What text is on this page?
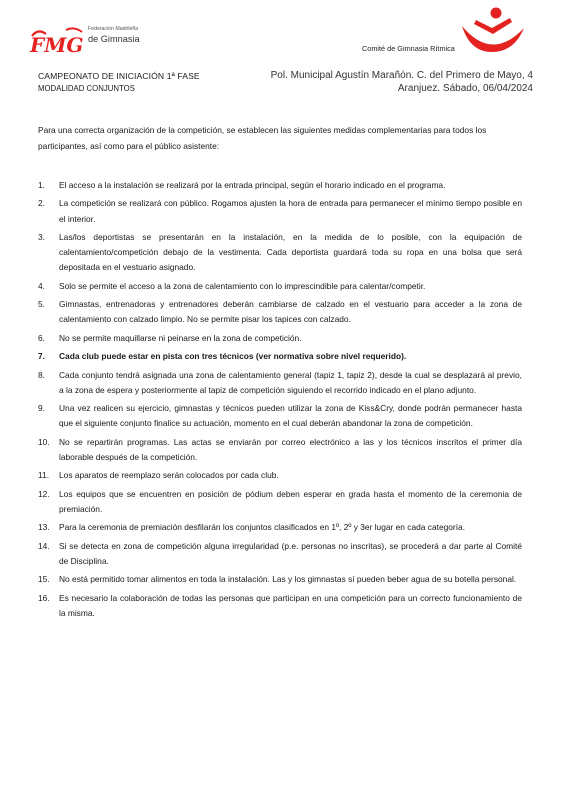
FMG
Federación Madrileña
de Gimnasia
Comité de Gimnasia Rítmica
CAMPEONATO DE INICIACIÓN 1ª FASE
MODALIDAD CONJUNTOS
Pol. Municipal Agustín Marañón. C. del Primero de Mayo, 4
Aranjuez. Sábado, 06/04/2024
Para una correcta organización de la competición, se establecen las siguientes medidas complementarias para todos los participantes, así como para el público asistente:
1. El acceso a la instalación se realizará por la entrada principal, según el horario indicado en el programa.
2. La competición se realizará con público. Rogamos ajusten la hora de entrada para permanecer el mínimo tiempo posible en el interior.
3. Las/los deportistas se presentarán en la instalación, en la medida de lo posible, con la equipación de calentamiento/competición debajo de la vestimenta. Cada deportista guardará toda su ropa en una bolsa que será depositada en el vestuario asignado.
4. Solo se permite el acceso a la zona de calentamiento con lo imprescindible para calentar/competir.
5. Gimnastas, entrenadoras y entrenadores deberán cambiarse de calzado en el vestuario para acceder a la zona de calentamiento con calzado limpio. No se permite pisar los tapices con calzado.
6. No se permite maquillarse ni peinarse en la zona de competición.
7. Cada club puede estar en pista con tres técnicos (ver normativa sobre nivel requerido).
8. Cada conjunto tendrá asignada una zona de calentamiento general (tapiz 1, tapiz 2), desde la cual se desplazará al previo, a la zona de espera y posteriormente al tapiz de competición siguiendo el recorrido indicado en el plano adjunto.
9. Una vez realicen su ejercicio, gimnastas y técnicos pueden utilizar la zona de Kiss&Cry, donde podrán permanecer hasta que el siguiente conjunto finalice su actuación, momento en el cual deberán abandonar la zona de competición.
10. No se repartirán programas. Las actas se enviarán por correo electrónico a las y los técnicos inscritos el primer día laborable después de la competición.
11. Los aparatos de reemplazo serán colocados por cada club.
12. Los equipos que se encuentren en posición de pódium deben esperar en grada hasta el momento de la ceremonia de premiación.
13. Para la ceremonia de premiación desfilarán los conjuntos clasificados en 1º, 2º y 3er lugar en cada categoría.
14. Si se detecta en zona de competición alguna irregularidad (p.e. personas no inscritas), se procederá a dar parte al Comité de Disciplina.
15. No está permitido tomar alimentos en toda la instalación. Las y los gimnastas sí pueden beber agua de su botella personal.
16. Es necesario la colaboración de todas las personas que participan en una competición para un correcto funcionamiento de la misma.
